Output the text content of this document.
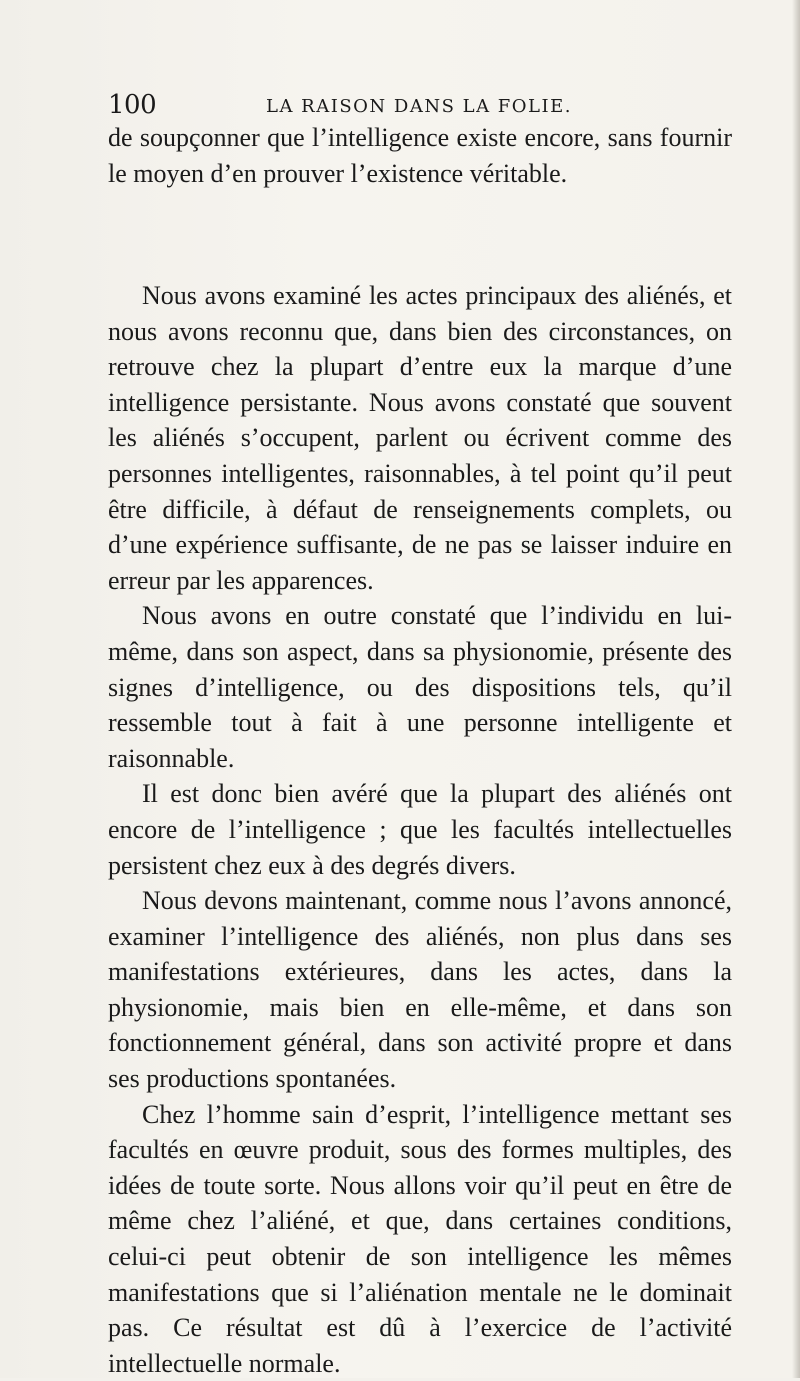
100	LA RAISON DANS LA FOLIE.

de soupçonner que l’intelligence existe encore, sans fournir le moyen d’en prouver l’existence véritable.

Nous avons examiné les actes principaux des aliénés, et nous avons reconnu que, dans bien des circonstances, on retrouve chez la plupart d’entre eux la marque d’une intelligence persistante. Nous avons constaté que souvent les aliénés s’occupent, parlent ou écrivent comme des personnes intelligentes, raisonnables, à tel point qu’il peut être difficile, à défaut de renseignements complets, ou d’une expérience suffisante, de ne pas se laisser induire en erreur par les apparences.

Nous avons en outre constaté que l’individu en lui-même, dans son aspect, dans sa physionomie, présente des signes d’intelligence, ou des dispositions tels, qu’il ressemble tout à fait à une personne intelligente et raisonnable.

Il est donc bien avéré que la plupart des aliénés ont encore de l’intelligence ; que les facultés intellectuelles persistent chez eux à des degrés divers.

Nous devons maintenant, comme nous l’avons annoncé, examiner l’intelligence des aliénés, non plus dans ses manifestations extérieures, dans les actes, dans la physionomie, mais bien en elle-même, et dans son fonctionnement général, dans son activité propre et dans ses productions spontanées.

Chez l’homme sain d’esprit, l’intelligence mettant ses facultés en œuvre produit, sous des formes multiples, des idées de toute sorte. Nous allons voir qu’il peut en être de même chez l’aliéné, et que, dans certaines conditions, celui-ci peut obtenir de son intelligence les mêmes manifestations que si l’aliénation mentale ne le dominait pas. Ce résultat est dû à l’exercice de l’activité intellectuelle normale.
